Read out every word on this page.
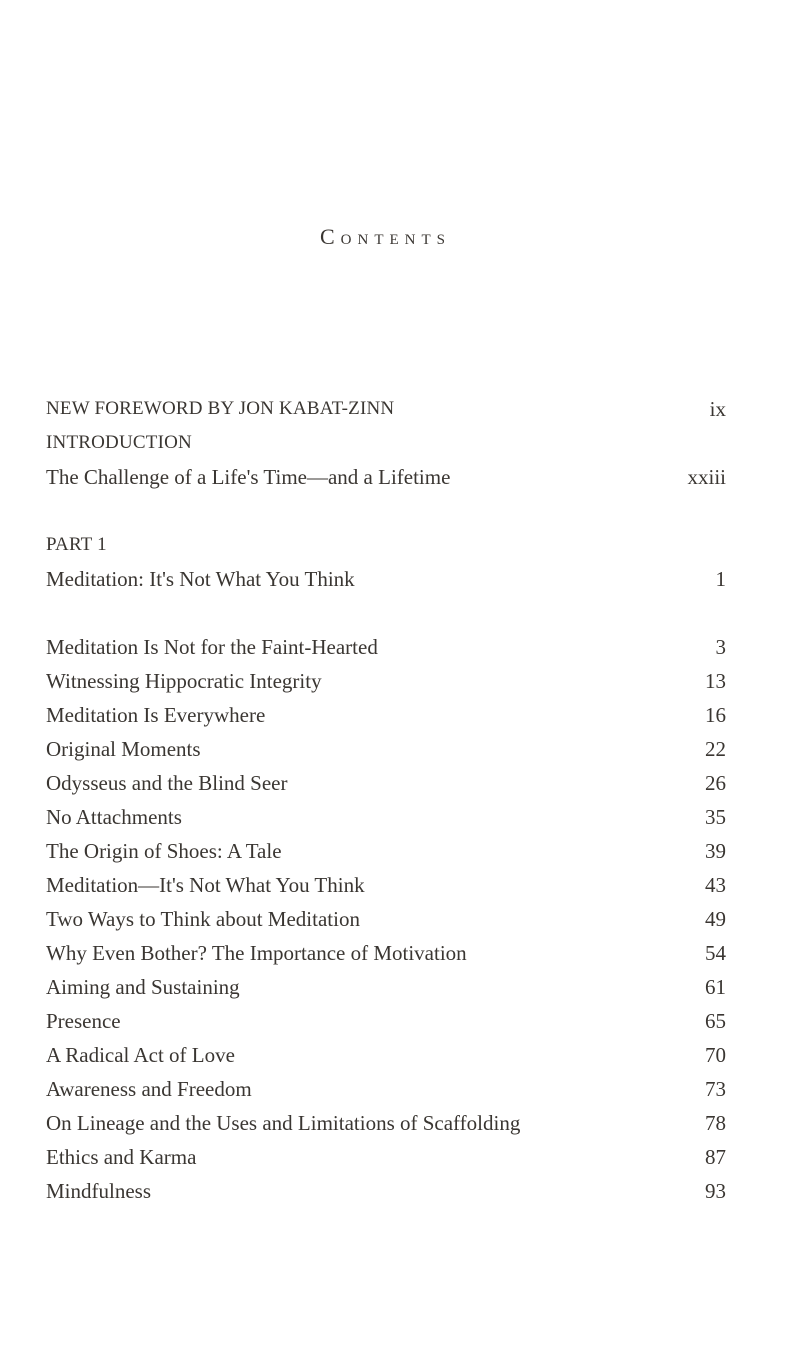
Contents
NEW FOREWORD BY JON KABAT-ZINN	ix
INTRODUCTION
The Challenge of a Life's Time—and a Lifetime	xxiii
PART 1
Meditation: It's Not What You Think	1
Meditation Is Not for the Faint-Hearted	3
Witnessing Hippocratic Integrity	13
Meditation Is Everywhere	16
Original Moments	22
Odysseus and the Blind Seer	26
No Attachments	35
The Origin of Shoes: A Tale	39
Meditation—It's Not What You Think	43
Two Ways to Think about Meditation	49
Why Even Bother? The Importance of Motivation	54
Aiming and Sustaining	61
Presence	65
A Radical Act of Love	70
Awareness and Freedom	73
On Lineage and the Uses and Limitations of Scaffolding	78
Ethics and Karma	87
Mindfulness	93
